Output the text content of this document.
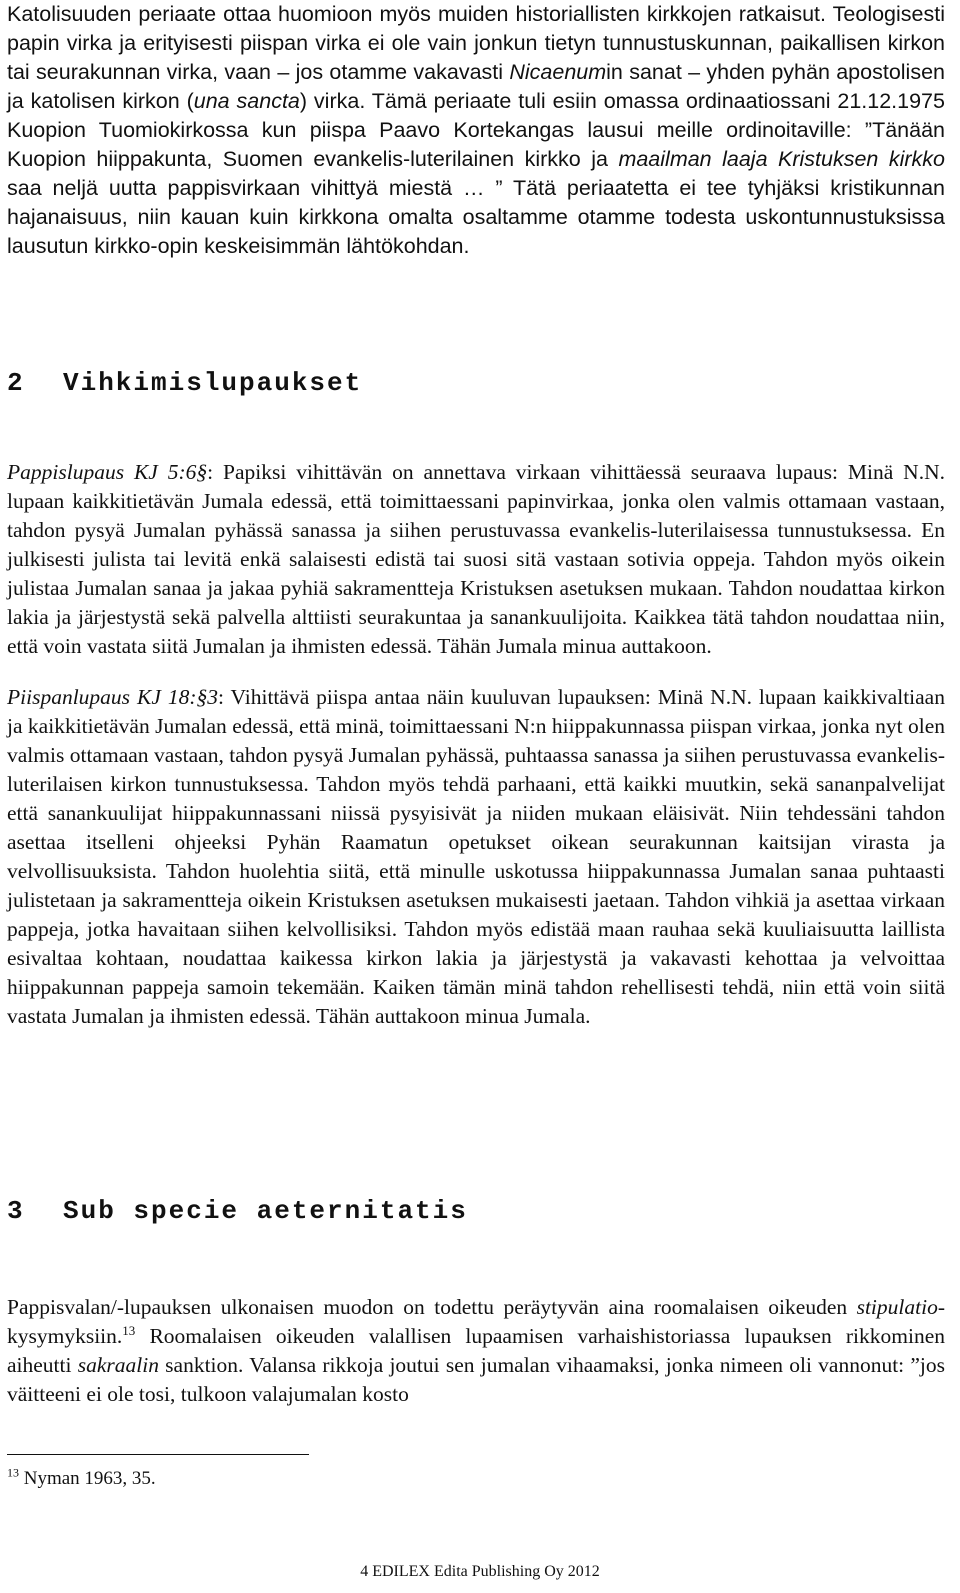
Katolisuuden periaate ottaa huomioon myös muiden historiallisten kirkkojen ratkaisut. Teologisesti papin virka ja erityisesti piispan virka ei ole vain jonkun tietyn tunnustuskunnan, paikallisen kirkon tai seurakunnan virka, vaan – jos otamme vakavasti Nicaenumin sanat – yhden pyhän apostolisen ja katolisen kirkon (una sancta) virka. Tämä periaate tuli esiin omassa ordinaatiossani 21.12.1975 Kuopion Tuomiokirkossa kun piispa Paavo Kortekangas lausui meille ordinoitaville: ”Tänään Kuopion hiippakunta, Suomen evankelis-luterilainen kirkko ja maailman laaja Kristuksen kirkko saa neljä uutta pappisvirkaan vihittyä miestä … ” Tätä periaatetta ei tee tyhjäksi kristikunnan hajanaisuus, niin kauan kuin kirkkona omalta osaltamme otamme todesta uskontunnustuksissa lausutun kirkko-opin keskeisimmän lähtökohdan.

2 Vihkimislupaukset

Pappislupaus KJ 5:6§: Papiksi vihittävän on annettava virkaan vihittäessä seuraava lupaus: Minä N.N. lupaan kaikkitietävän Jumala edessä, että toimittaessani papinvirkaa, jonka olen valmis ottamaan vastaan, tahdon pysyä Jumalan pyhässä sanassa ja siihen perustuvassa evankelis-luterilaisessa tunnustuksessa. En julkisesti julista tai levitä enkä salaisesti edistä tai suosi sitä vastaan sotivia oppeja. Tahdon myös oikein julistaa Jumalan sanaa ja jakaa pyhiä sakramentteja Kristuksen asetuksen mukaan. Tahdon noudattaa kirkon lakia ja järjestystä sekä palvella alttiisti seurakuntaa ja sanankuulijoita. Kaikkea tätä tahdon noudattaa niin, että voin vastata siitä Jumalan ja ihmisten edessä. Tähän Jumala minua auttakoon.

Piispanlupaus KJ 18:§3: Vihittävä piispa antaa näin kuuluvan lupauksen: Minä N.N. lupaan kaikkivaltiaan ja kaikkitietävän Jumalan edessä, että minä, toimittaessani N:n hiippakunnassa piispan virkaa, jonka nyt olen valmis ottamaan vastaan, tahdon pysyä Jumalan pyhässä, puhtaassa sanassa ja siihen perustuvassa evankelis-luterilaisen kirkon tunnustuksessa. Tahdon myös tehdä parhaani, että kaikki muutkin, sekä sananpalvelijat että sanankuulijat hiippakunnassani niissä pysyisivät ja niiden mukaan eläisivät. Niin tehdessäni tahdon asettaa itselleni ohjeeksi Pyhän Raamatun opetukset oikean seurakunnan kaitsijan virasta ja velvollisuuksista. Tahdon huolehtia siitä, että minulle uskotussa hiippakunnassa Jumalan sanaa puhtaasti julistetaan ja sakramentteja oikein Kristuksen asetuksen mukaisesti jaetaan. Tahdon vihkiä ja asettaa virkaan pappeja, jotka havaitaan siihen kelvollisiksi. Tahdon myös edistää maan rauhaa sekä kuuliaisuutta laillista esivaltaa kohtaan, noudattaa kaikessa kirkon lakia ja järjestystä ja vakavasti kehottaa ja velvoittaa hiippakunnan pappeja samoin tekemään. Kaiken tämän minä tahdon rehellisesti tehdä, niin että voin siitä vastata Jumalan ja ihmisten edessä. Tähän auttakoon minua Jumala.

3 Sub specie aeternitatis

Pappisvalan/-lupauksen ulkonaisen muodon on todettu peräytyvän aina roomalaisen oikeuden stipulatio-kysymyksiin.$^{13}$ Roomalaisen oikeuden valallisen lupaamisen varhaishistoriassa lupauksen rikkominen aiheutti sakraalin sanktion. Valansa rikkoja joutui sen jumalan vihaamaksi, jonka nimeen oli vannonut: ”jos väitteeni ei ole tosi, tulkoon valajumalan kosto

$^{13}$ Nyman 1963, 35.

4 EDILEX Edita Publishing Oy 2012
